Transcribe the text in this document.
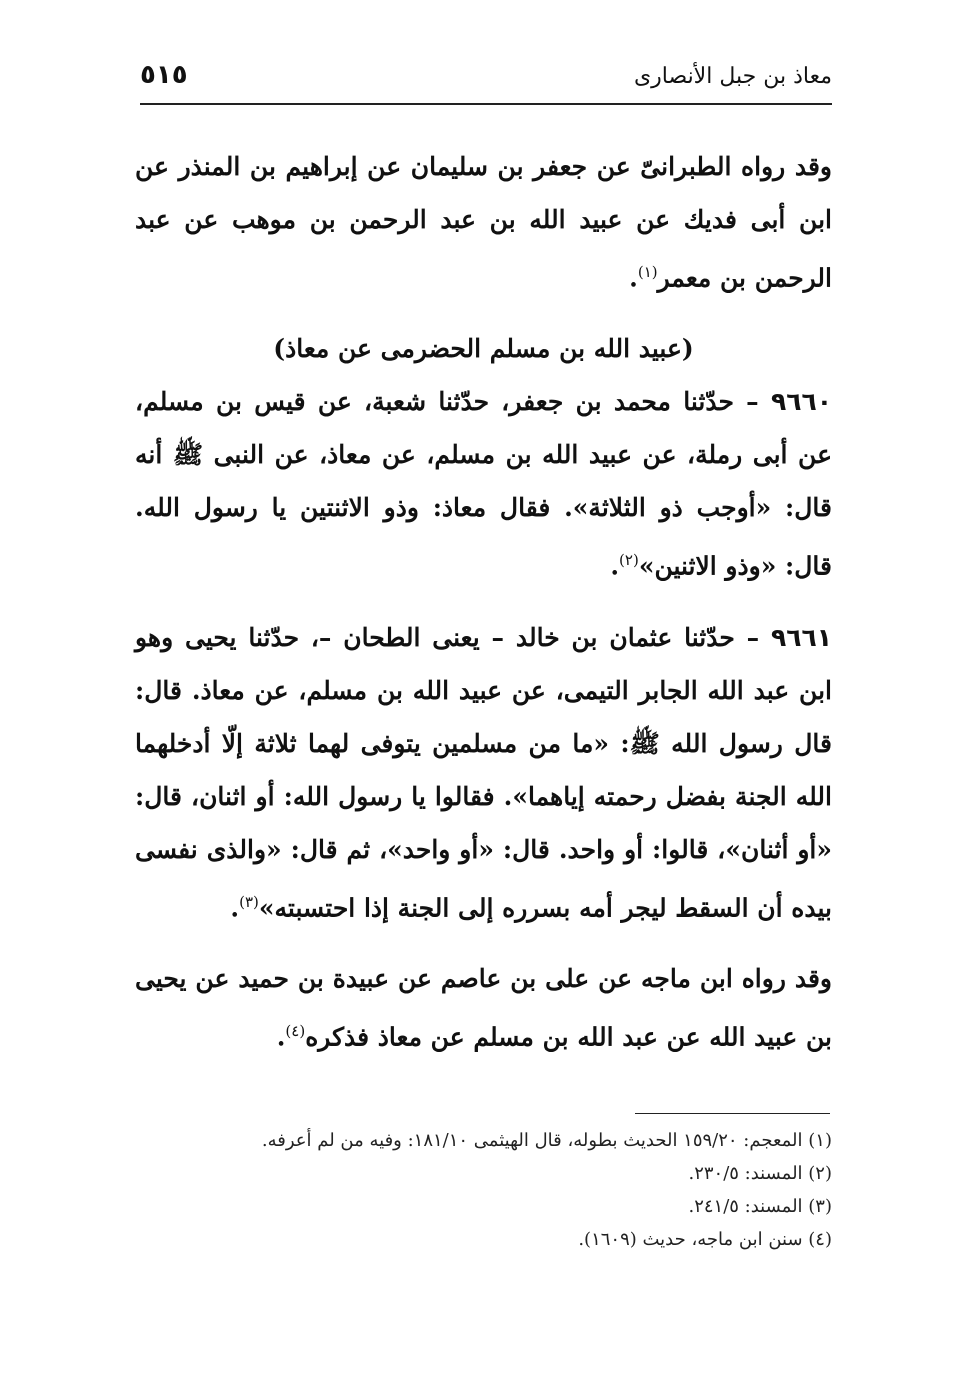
معاذ بن جبل الأنصارى
٥١٥

وقد رواه الطبرانىّ عن جعفر بن سليمان عن إبراهيم بن المنذر عن ابن أبى فديك عن عبيد الله بن عبد الرحمن بن موهب عن عبد الرحمن بن معمر$^{(١)}$.

(عبيد الله بن مسلم الحضرمى عن معاذ)

٩٦٦٠ – حدّثنا محمد بن جعفر، حدّثنا شعبة، عن قيس بن مسلم، عن أبى رملة، عن عبيد الله بن مسلم، عن معاذ، عن النبى ﷺ أنه قال: «أوجب ذو الثلاثة». فقال معاذ: وذو الاثنتين يا رسول الله. قال: «وذو الاثنين»$^{(٢)}$.

٩٦٦١ – حدّثنا عثمان بن خالد – يعنى الطحان –، حدّثنا يحيى وهو ابن عبد الله الجابر التيمى، عن عبيد الله بن مسلم، عن معاذ. قال: قال رسول الله ﷺ: «ما من مسلمين يتوفى لهما ثلاثة إلّا أدخلهما الله الجنة بفضل رحمته إياهما». فقالوا يا رسول الله: أو اثنان، قال: «أو أثنان»، قالوا: أو واحد. قال: «أو واحد»، ثم قال: «والذى نفسى بيده أن السقط ليجر أمه بسرره إلى الجنة إذا احتسبته»$^{(٣)}$.

وقد رواه ابن ماجه عن على بن عاصم عن عبيدة بن حميد عن يحيى بن عبيد الله عن عبد الله بن مسلم عن معاذ فذكره$^{(٤)}$.

(١) المعجم: ١٥٩/٢٠ الحديث بطوله، قال الهيثمى ١٨١/١٠: وفيه من لم أعرفه.

(٢) المسند: ٢٣٠/٥.

(٣) المسند: ٢٤١/٥.

(٤) سنن ابن ماجه، حديث (١٦٠٩).
